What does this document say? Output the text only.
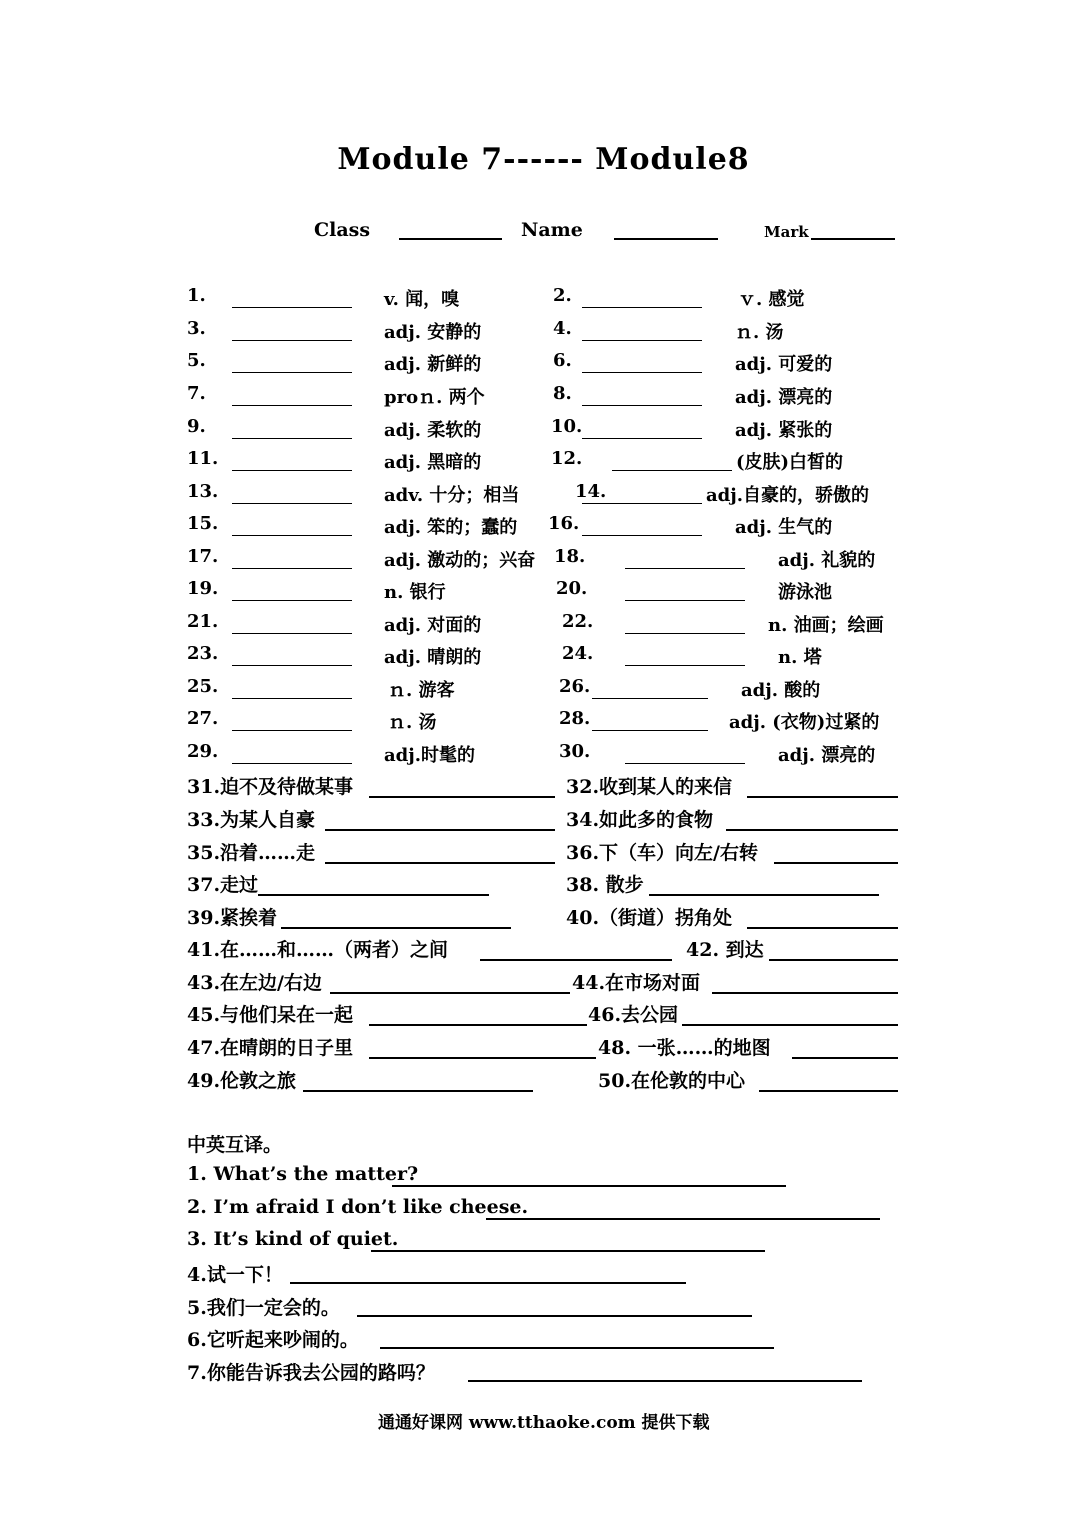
Module 7------ Module8
Class	Name	Mark
1.	v. 闻，嗅	2.	ｖ. 感觉
3.	adj. 安静的	4.	ｎ. 汤
5.	adj. 新鲜的	6.	adj. 可爱的
7.	proｎ. 两个	8.	adj. 漂亮的
9.	adj. 柔软的	10.	adj. 紧张的
11.	adj. 黑暗的	12.	(皮肤)白皙的
13.	adv. 十分；相当	14.	adj.自豪的，骄傲的
15.	adj. 笨的；蠢的 16.	adj. 生气的
17.	adj. 激动的；兴奋 18.	adj. 礼貌的
19.	n. 银行	20.	游泳池
21.	adj. 对面的	22.	n. 油画；绘画
23.	adj. 晴朗的	24.	n. 塔
25.	ｎ. 游客	26.	adj. 酸的
27.	ｎ. 汤	28.	adj. (衣物)过紧的
29.	adj.时髦的	30.	adj. 漂亮的
31.迫不及待做某事	32.收到某人的来信
33.为某人自豪	34.如此多的食物
35.沿着……走	36.下（车）向左/右转
37.走过	38. 散步
39.紧挨着	40.（街道）拐角处
41.在……和……（两者）之间	42. 到达
43.在左边/右边	44.在市场对面
45.与他们呆在一起	46.去公园
47.在晴朗的日子里	48. 一张……的地图
49.伦敦之旅	50.在伦敦的中心
中英互译。
1. What’s the matter?
2. I’m afraid I don’t like cheese.
3. It’s kind of quiet.
4.试一下！
5.我们一定会的。
6.它听起来吵闹的。
7.你能告诉我去公园的路吗？
通通好课网 www.tthaoke.com 提供下载
